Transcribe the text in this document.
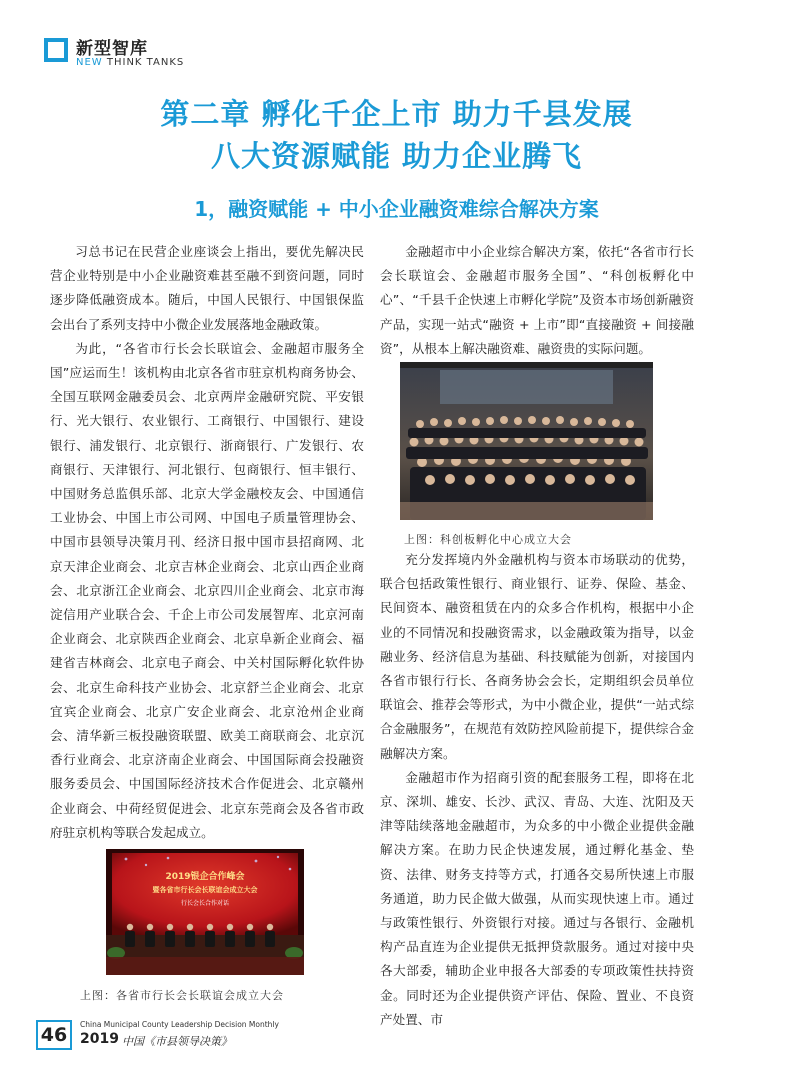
新型智库
NEW THINK TANKS
第二章 孵化千企上市 助力千县发展
八大资源赋能 助力企业腾飞
1，融资赋能 + 中小企业融资难综合解决方案

习总书记在民营企业座谈会上指出，要优先解决民营企业特别是中小企业融资难甚至融不到资问题，同时逐步降低融资成本。随后，中国人民银行、中国银保监会出台了系列支持中小微企业发展落地金融政策。

为此，“各省市行长会长联谊会、金融超市服务全国”应运而生！该机构由北京各省市驻京机构商务协会、全国互联网金融委员会、北京两岸金融研究院、平安银行、光大银行、农业银行、工商银行、中国银行、建设银行、浦发银行、北京银行、浙商银行、广发银行、农商银行、天津银行、河北银行、包商银行、恒丰银行、中国财务总监俱乐部、北京大学金融校友会、中国通信工业协会、中国上市公司网、中国电子质量管理协会、中国市县领导决策月刊、经济日报中国市县招商网、北京天津企业商会、北京吉林企业商会、北京山西企业商会、北京浙江企业商会、北京四川企业商会、北京市海淀信用产业联合会、千企上市公司发展智库、北京河南企业商会、北京陕西企业商会、北京阜新企业商会、福建省吉林商会、北京电子商会、中关村国际孵化软件协会、北京生命科技产业协会、北京舒兰企业商会、北京宜宾企业商会、北京广安企业商会、北京沧州企业商会、清华新三板投融资联盟、欧美工商联商会、北京沉香行业商会、北京济南企业商会、中国国际商会投融资服务委员会、中国国际经济技术合作促进会、北京赣州企业商会、中荷经贸促进会、北京东莞商会及各省市政府驻京机构等联合发起成立。

金融超市中小企业综合解决方案，依托“各省市行长会长联谊会、金融超市服务全国”、“科创板孵化中心”、“千县千企快速上市孵化学院”及资本市场创新融资产品，实现一站式“融资 + 上市”即“直接融资 + 间接融资”，从根本上解决融资难、融资贵的实际问题。

上图：科创板孵化中心成立大会

充分发挥境内外金融机构与资本市场联动的优势，联合包括政策性银行、商业银行、证券、保险、基金、民间资本、融资租赁在内的众多合作机构，根据中小企业的不同情况和投融资需求，以金融政策为指导，以金融业务、经济信息为基础、科技赋能为创新，对接国内各省市银行行长、各商务协会会长，定期组织会员单位联谊会、推荐会等形式，为中小微企业，提供“一站式综合金融服务”，在规范有效防控风险前提下，提供综合金融解决方案。

金融超市作为招商引资的配套服务工程，即将在北京、深圳、雄安、长沙、武汉、青岛、大连、沈阳及天津等陆续落地金融超市，为众多的中小微企业提供金融解决方案。在助力民企快速发展，通过孵化基金、垫资、法律、财务支持等方式，打通各交易所快速上市服务通道，助力民企做大做强，从而实现快速上市。通过与政策性银行、外资银行对接。通过与各银行、金融机构产品直连为企业提供无抵押贷款服务。通过对接中央各大部委，辅助企业申报各大部委的专项政策性扶持资金。同时还为企业提供资产评估、保险、置业、不良资产处置、市

2019银企合作峰会
暨各省市行长会长联谊会成立大会
行长会长合作对话
上图：各省市行长会长联谊会成立大会
46	China Municipal County Leadership Decision Monthly
2019 中国《市县领导决策》
